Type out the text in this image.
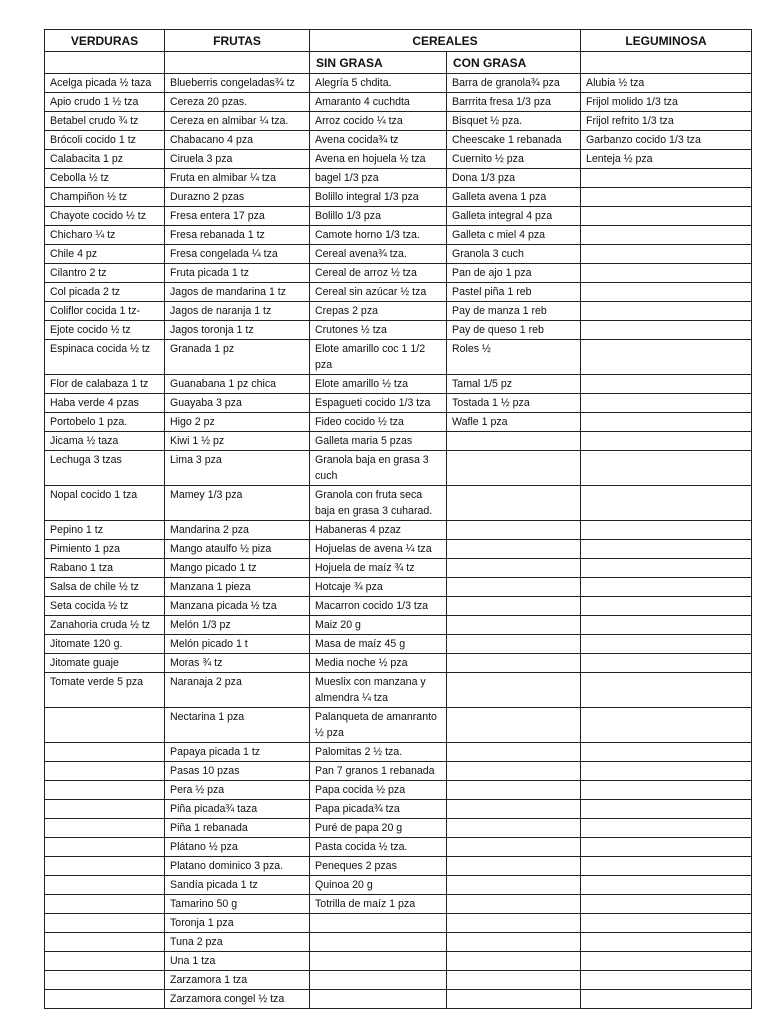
VERDURAS	FRUTAS	CEREALES		LEGUMINOSA
		SIN GRASA	CON GRASA	
Acelga picada ½ taza	Blueberris congeladas¾ tz	Alegría 5 chdita.	Barra de granola¾ pza	Alubia ½ tza
Apio crudo 1 ½ tza	Cereza 20 pzas.	Amaranto 4 cuchdta	Barrrita fresa 1/3 pza	Frijol molido 1/3 tza
Betabel crudo ¾ tz	Cereza en almibar ¼ tza.	Arroz cocido ¼ tza	Bisquet ½ pza.	Frijol refrito 1/3 tza
Brócoli cocido 1 tz	Chabacano 4 pza	Avena cocida¾ tz	Cheescake 1 rebanada	Garbanzo cocido 1/3 tza
Calabacita 1 pz	Ciruela 3 pza	Avena en hojuela ½ tza	Cuernito ½ pza	Lenteja ½ pza
Cebolla ½ tz	Fruta en almibar ¼ tza	bagel 1/3 pza	Dona 1/3 pza	
Champiñon ½ tz	Durazno 2 pzas	Bolillo integral 1/3 pza	Galleta avena 1 pza	
Chayote cocido ½ tz	Fresa entera 17 pza	Bolillo 1/3 pza	Galleta integral 4 pza	
Chicharo ¼ tz	Fresa rebanada 1 tz	Camote horno 1/3 tza.	Galleta c miel 4 pza	
Chile 4 pz	Fresa congelada ¼ tza	Cereal avena¾ tza.	Granola 3 cuch	
Cilantro 2 tz	Fruta picada 1 tz	Cereal de arroz ½ tza	Pan de ajo 1 pza	
Col picada 2 tz	Jagos de mandarina 1 tz	Cereal sin azúcar ½ tza	Pastel piña 1 reb	
Coliflor cocida 1 tz-	Jagos de naranja 1 tz	Crepas 2 pza	Pay de manza 1 reb	
Ejote cocido ½ tz	Jagos toronja 1 tz	Crutones ½ tza	Pay de queso 1 reb	
Espinaca cocida ½ tz	Granada 1 pz	Elote amarillo coc 1 1/2 pza	Roles ½	
Flor de calabaza 1 tz	Guanabana 1 pz chica	Elote amarillo ½ tza	Tamal 1/5 pz	
Haba verde 4 pzas	Guayaba 3 pza	Espagueti cocido 1/3 tza	Tostada 1 ½ pza	
Portobelo 1 pza.	Higo 2 pz	Fideo cocido ½ tza	Wafle 1 pza	
Jicama ½ taza	Kiwi 1 ½ pz	Galleta maria 5 pzas		
Lechuga 3 tzas	Lima 3 pza	Granola baja en grasa 3 cuch		
Nopal cocido 1 tza	Mamey 1/3 pza	Granola con fruta seca baja en grasa 3 cuharad.		
Pepino 1 tz	Mandarina 2 pza	Habaneras 4 pzaz		
Pimiento 1 pza	Mango ataulfo ½ piza	Hojuelas de avena ¼ tza		
Rabano 1 tza	Mango picado 1 tz	Hojuela de maíz ¾ tz		
Salsa de chile ½ tz	Manzana 1 pieza	Hotcaje ¾ pza		
Seta cocida ½ tz	Manzana picada ½ tza	Macarron cocido 1/3 tza		
Zanahoria cruda ½ tz	Melón 1/3 pz	Maiz 20 g		
Jitomate 120 g.	Melón picado 1 t	Masa de maíz 45 g		
Jitomate guaje	Moras ¾ tz	Media noche ½ pza		
Tomate verde 5 pza	Naranaja 2 pza	Mueslix con manzana y almendra ¼ tza		
	Nectarina 1 pza	Palanqueta de amanranto ½ pza		
	Papaya picada 1 tz	Palomitas 2 ½ tza.		
	Pasas 10 pzas	Pan 7 granos 1 rebanada		
	Pera ½ pza	Papa cocida ½ pza		
	Piña picada¾ taza	Papa picada¾ tza		
	Piña 1 rebanada	Puré de papa 20 g		
	Plátano ½ pza	Pasta cocida ½ tza.		
	Platano dominico 3 pza.	Peneques 2 pzas		
	Sandía picada 1 tz	Quinoa 20 g		
	Tamarino 50 g	Totrilla de maíz 1 pza		
	Toronja 1 pza			
	Tuna 2 pza			
	Una 1 tza			
	Zarzamora 1 tza			
	Zarzamora congel ½ tza			
